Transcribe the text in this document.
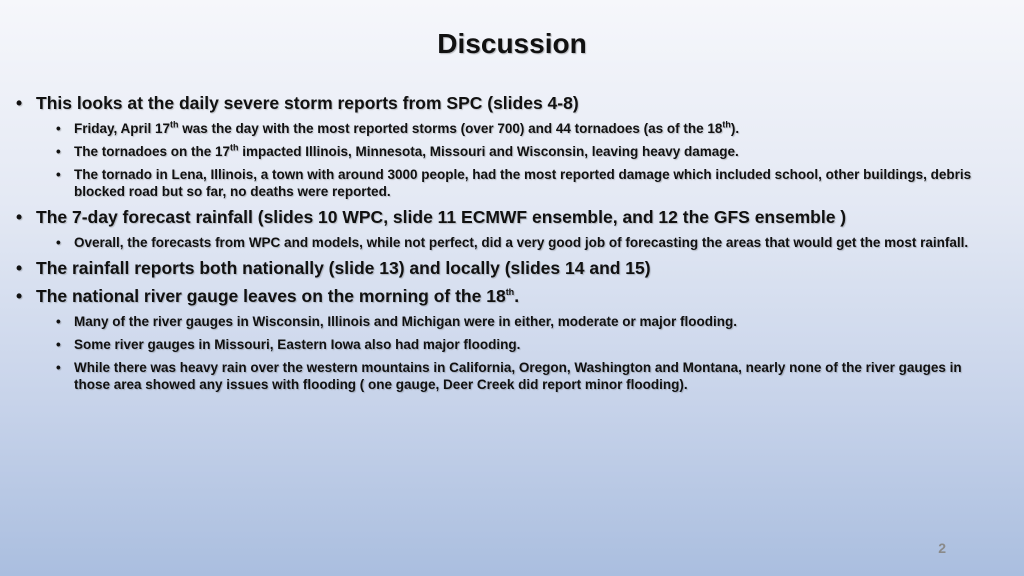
Discussion
• This looks at the daily severe storm reports from SPC (slides 4-8)
• Friday, April 17th was the day with the most reported storms (over 700) and 44 tornadoes (as of the 18th).
• The tornadoes on the 17th impacted Illinois, Minnesota, Missouri and Wisconsin, leaving heavy damage.
• The tornado in Lena, Illinois, a town with around 3000 people, had the most reported damage which included school, other buildings, debris blocked road but so far, no deaths were reported.
• The 7-day forecast rainfall (slides 10 WPC, slide 11 ECMWF ensemble, and 12 the GFS ensemble )
• Overall, the forecasts from WPC and models, while not perfect, did a very good job of forecasting the areas that would get the most rainfall.
• The rainfall reports both nationally (slide 13) and locally (slides 14 and 15)
• The national river gauge leaves on the morning of the 18th.
• Many of the river gauges in Wisconsin, Illinois and Michigan were in either, moderate or major flooding.
• Some river gauges in Missouri, Eastern Iowa also had major flooding.
• While there was heavy rain over the western mountains in California, Oregon, Washington and Montana, nearly none of the river gauges in those area showed any issues with flooding ( one gauge, Deer Creek did report minor flooding).
2
